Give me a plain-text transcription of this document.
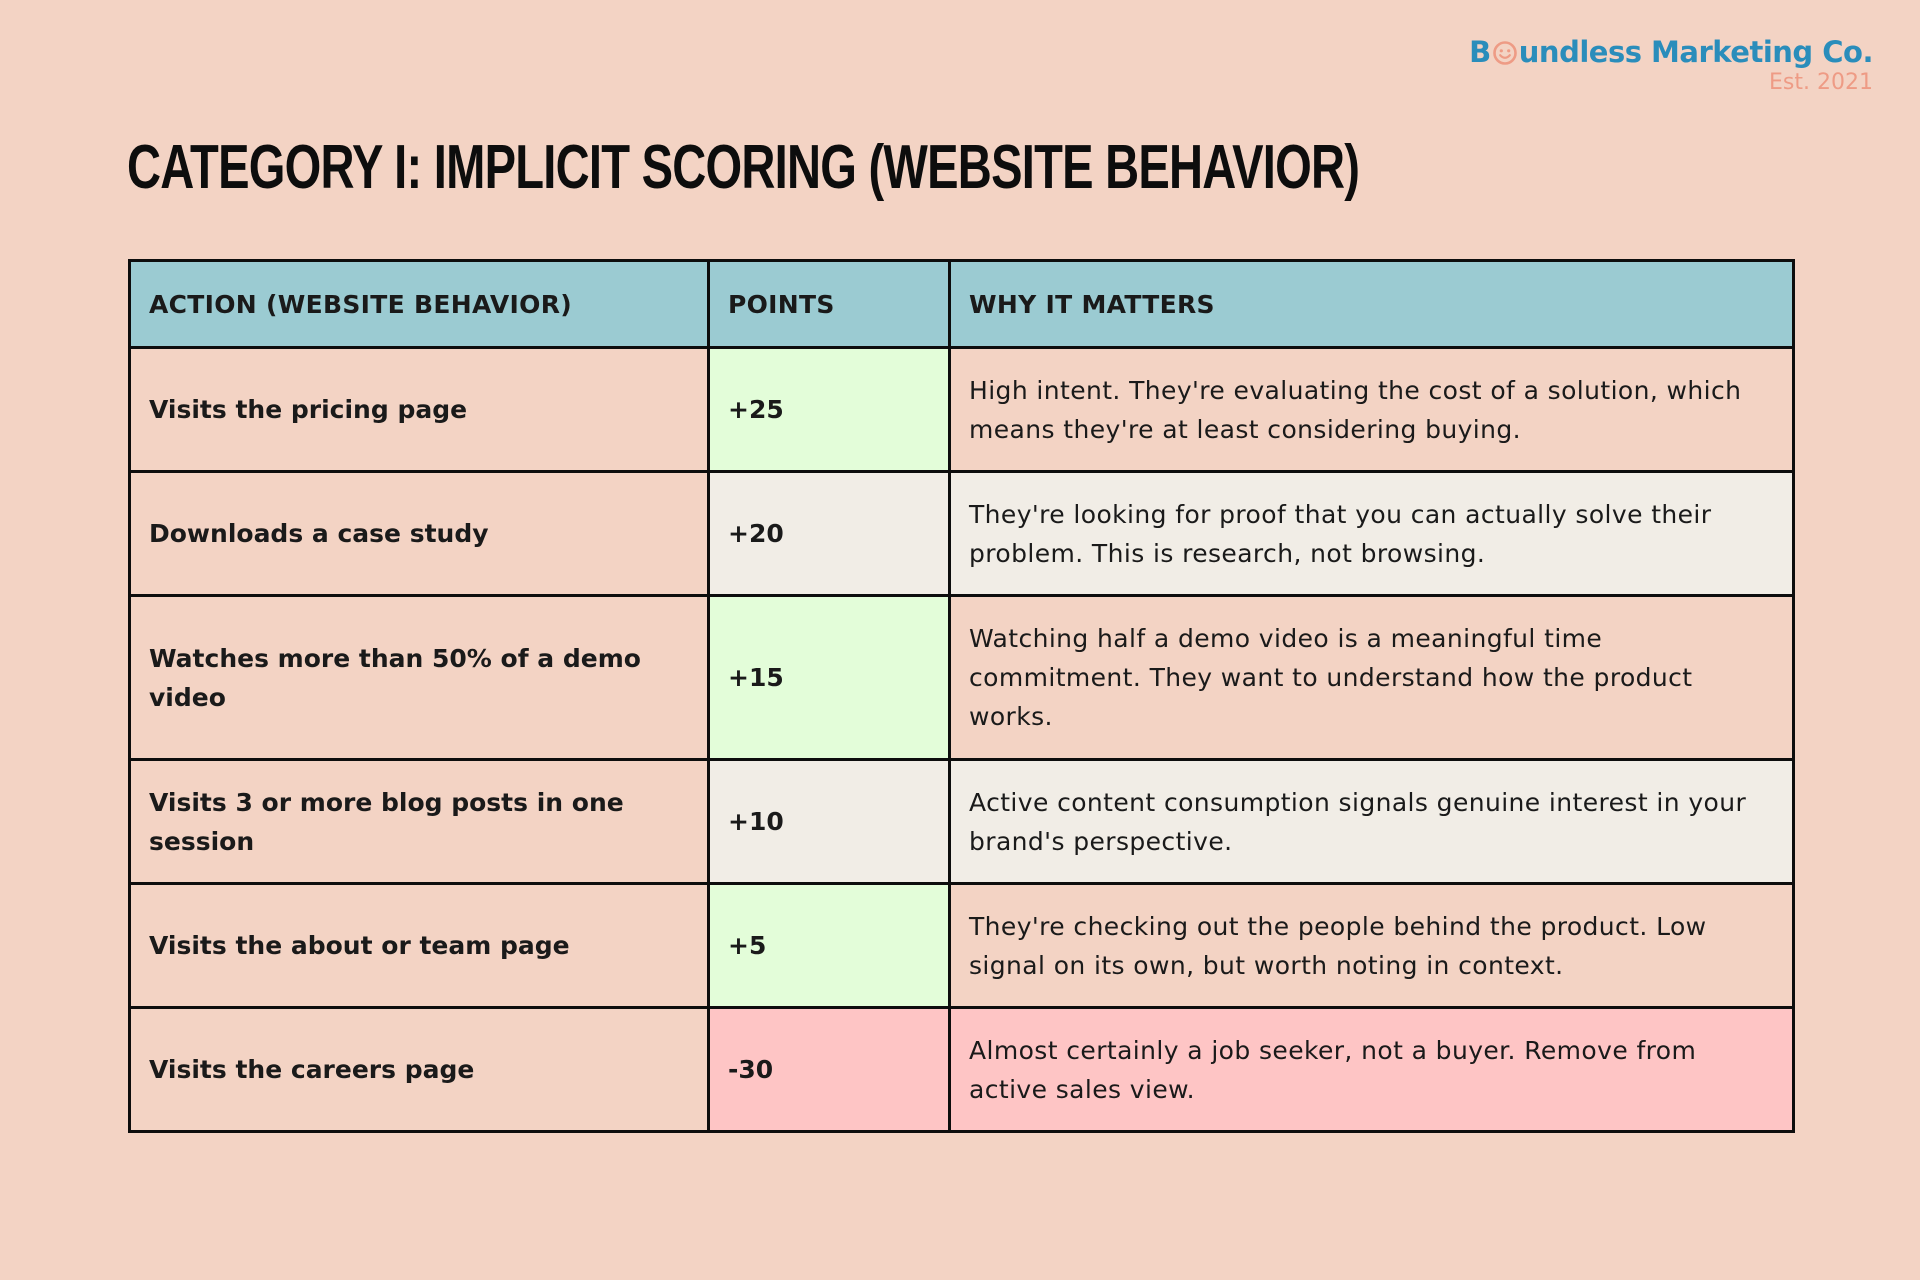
B undless Marketing Co.
Est. 2021
CATEGORY I: IMPLICIT SCORING (WEBSITE BEHAVIOR)
ACTION (WEBSITE BEHAVIOR)	POINTS	WHY IT MATTERS
Visits the pricing page	+25	High intent. They're evaluating the cost of a solution, which means they're at least considering buying.
Downloads a case study	+20	They're looking for proof that you can actually solve their problem. This is research, not browsing.
Watches more than 50% of a demo video	+15	Watching half a demo video is a meaningful time commitment. They want to understand how the product works.
Visits 3 or more blog posts in one session	+10	Active content consumption signals genuine interest in your brand's perspective.
Visits the about or team page	+5	They're checking out the people behind the product. Low signal on its own, but worth noting in context.
Visits the careers page	-30	Almost certainly a job seeker, not a buyer. Remove from active sales view.
